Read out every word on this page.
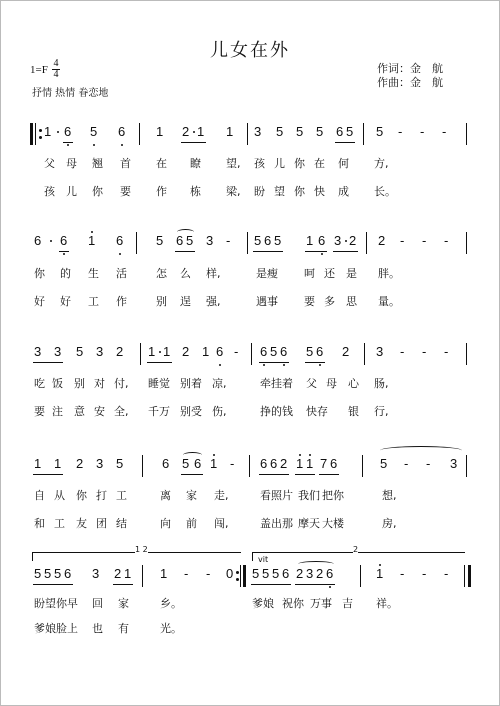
儿女在外
作词：金　航
作曲：金　航
1=F
4
4
抒情 热情 眷恋地
1 6 5 6 1 2 1 1 3 5 5 5 6 5 5 - - -
父 母 翘 首 在 瞭 望, 孩 儿 你 在 何 方,
孩 儿 你 要 作 栋 梁, 盼 望 你 快 成 长。
6 6 1 6	5 6 5 3 - 5 6 5 1 6 3 2 2 - - -
你 的 生 活	怎 么 样,	是瘦 呵 还 是 胖。
好 好 工 作	别 逞 强,	遇事 要 多 思 量。
3 3 5 3 2 1 1 2 1 6 - 6 5 6 5 6 2 3 - - -
吃 饭 别 对 付, 睡觉 别着 凉,	牵挂着 父 母 心 肠,
要 注 意 安 全, 千万 别受 伤,	挣的钱 快存 银 行,
1 1 2 3 5	6 5 6 1 - 6 6 2 1 1 7 6	5 - - 3
自 从 你 打 工	离 家 走,	看照片 我们 把你	想,
和 工 友 团 结	向 前 闯,	盖出那 摩天 大楼	房,
1 2	2
vit
5 5 5 6 3 2 1 1 - - 0 5 5 5 6 2 3 2 6	1 - - -
盼望你早 回 家	乡。	爹娘 祝你 万事 吉 祥。
爹娘脸上 也 有	光。
